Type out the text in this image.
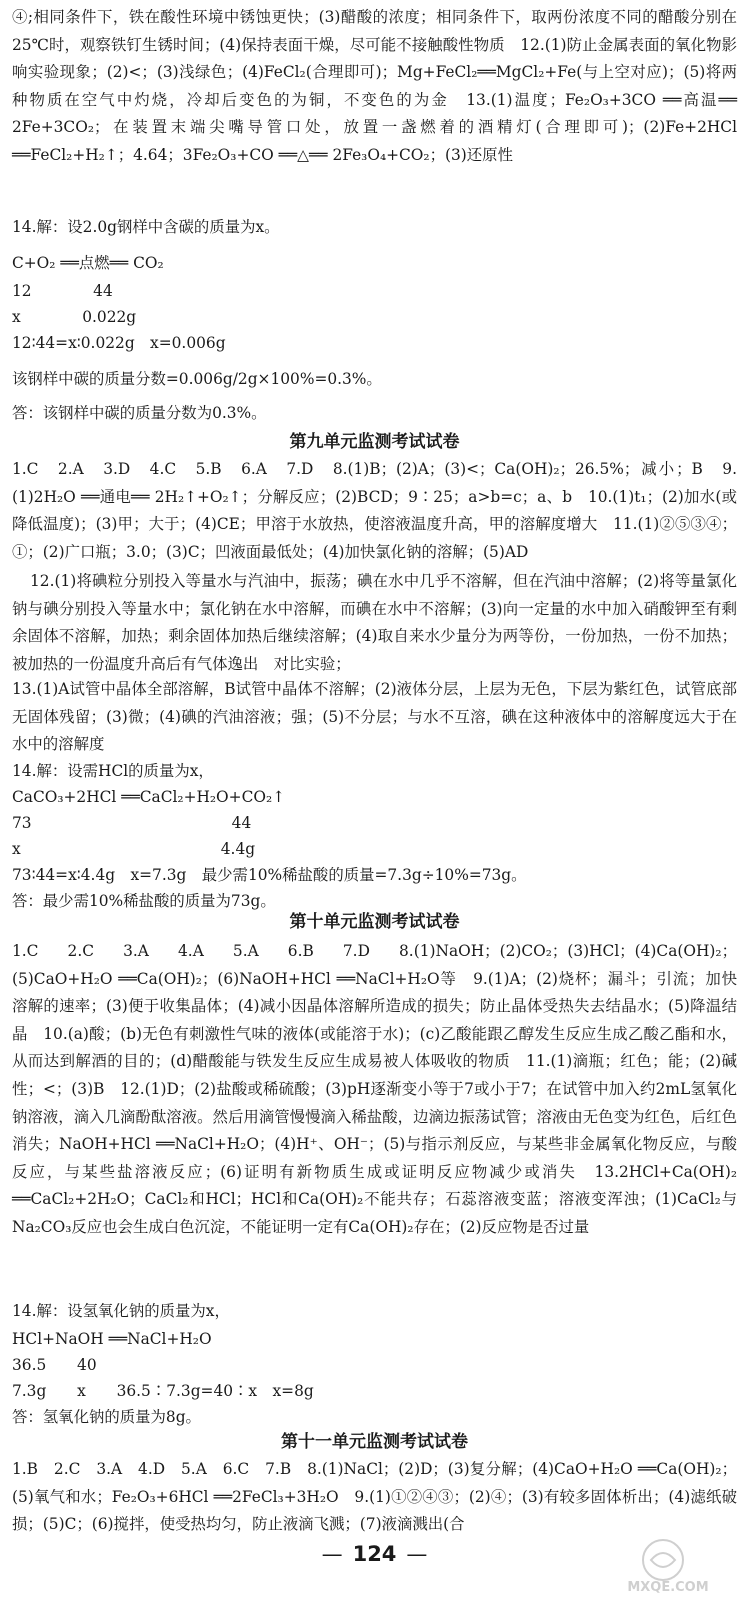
④;相同条件下，铁在酸性环境中锈蚀更快；(3)醋酸的浓度；相同条件下，取两份浓度不同的醋酸分别在25℃时，观察铁钉生锈时间；(4)保持表面干燥，尽可能不接触酸性物质　12.(1)防止金属表面的氧化物影响实验现象；(2)<；(3)浅绿色；(4)FeCl₂(合理即可)；Mg+FeCl₂══MgCl₂+Fe(与上空对应)；(5)将两种物质在空气中灼烧，冷却后变色的为铜，不变色的为金　13.(1)温度；Fe₂O₃+3CO ══高温══ 2Fe+3CO₂；在装置末端尖嘴导管口处，放置一盏燃着的酒精灯(合理即可)；(2)Fe+2HCl ══FeCl₂+H₂↑；4.64；3Fe₂O₃+CO ══△══ 2Fe₃O₄+CO₂；(3)还原性

14.解：设2.0g钢样中含碳的质量为x。

C+O₂ ══点燃══ CO₂

12　　　　44

x　　　　0.022g

12∶44=x∶0.022g　x=0.006g

该钢样中碳的质量分数=0.006g/2g×100%=0.3%。

答：该钢样中碳的质量分数为0.3%。

第九单元监测考试试卷

1.C　2.A　3.D　4.C　5.B　6.A　7.D　8.(1)B；(2)A；(3)<；Ca(OH)₂；26.5%；减小；B　9.(1)2H₂O ══通电══ 2H₂↑+O₂↑；分解反应；(2)BCD；9∶25；a>b=c；a、b　10.(1)t₁；(2)加水(或降低温度)；(3)甲；大于；(4)CE；甲溶于水放热，使溶液温度升高，甲的溶解度增大　11.(1)②⑤③④；①；(2)广口瓶；3.0；(3)C；凹液面最低处；(4)加快氯化钠的溶解；(5)AD

12.(1)将碘粒分别投入等量水与汽油中，振荡；碘在水中几乎不溶解，但在汽油中溶解；(2)将等量氯化钠与碘分别投入等量水中；氯化钠在水中溶解，而碘在水中不溶解；(3)向一定量的水中加入硝酸钾至有剩余固体不溶解，加热；剩余固体加热后继续溶解；(4)取自来水少量分为两等份，一份加热，一份不加热；被加热的一份温度升高后有气体逸出　对比实验；

13.(1)A试管中晶体全部溶解，B试管中晶体不溶解；(2)液体分层，上层为无色，下层为紫红色，试管底部无固体残留；(3)微；(4)碘的汽油溶液；强；(5)不分层；与水不互溶，碘在这种液体中的溶解度远大于在水中的溶解度

14.解：设需HCl的质量为x，

CaCO₃+2HCl ══CaCl₂+H₂O+CO₂↑

73　　　　　　　　　　　　　44

x　　　　　　　　　　　　　4.4g

73∶44=x∶4.4g　x=7.3g　最少需10%稀盐酸的质量=7.3g÷10%=73g。

答：最少需10%稀盐酸的质量为73g。

第十单元监测考试试卷

1.C　2.C　3.A　4.A　5.A　6.B　7.D　8.(1)NaOH；(2)CO₂；(3)HCl；(4)Ca(OH)₂；(5)CaO+H₂O ══Ca(OH)₂；(6)NaOH+HCl ══NaCl+H₂O等　9.(1)A；(2)烧杯；漏斗；引流；加快溶解的速率；(3)便于收集晶体；(4)减小因晶体溶解所造成的损失；防止晶体受热失去结晶水；(5)降温结晶　10.(a)酸；(b)无色有刺激性气味的液体(或能溶于水)；(c)乙酸能跟乙醇发生反应生成乙酸乙酯和水，从而达到解酒的目的；(d)醋酸能与铁发生反应生成易被人体吸收的物质　11.(1)滴瓶；红色；能；(2)碱性；<；(3)B　12.(1)D；(2)盐酸或稀硫酸；(3)pH逐渐变小等于7或小于7；在试管中加入约2mL氢氧化钠溶液，滴入几滴酚酞溶液。然后用滴管慢慢滴入稀盐酸，边滴边振荡试管；溶液由无色变为红色，后红色消失；NaOH+HCl ══NaCl+H₂O；(4)H⁺、OH⁻；(5)与指示剂反应，与某些非金属氧化物反应，与酸反应，与某些盐溶液反应；(6)证明有新物质生成或证明反应物减少或消失　13.2HCl+Ca(OH)₂ ══CaCl₂+2H₂O；CaCl₂和HCl；HCl和Ca(OH)₂不能共存；石蕊溶液变蓝；溶液变浑浊；(1)CaCl₂与Na₂CO₃反应也会生成白色沉淀，不能证明一定有Ca(OH)₂存在；(2)反应物是否过量

14.解：设氢氧化钠的质量为x，

HCl+NaOH ══NaCl+H₂O

36.5　　40

7.3g　　x　　36.5∶7.3g=40∶x　x=8g

答：氢氧化钠的质量为8g。

第十一单元监测考试试卷

1.B　2.C　3.A　4.D　5.A　6.C　7.B　8.(1)NaCl；(2)D；(3)复分解；(4)CaO+H₂O ══Ca(OH)₂；(5)氧气和水；Fe₂O₃+6HCl ══2FeCl₃+3H₂O　9.(1)①②④③；(2)④；(3)有较多固体析出；(4)滤纸破损；(5)C；(6)搅拌，使受热均匀，防止液滴飞溅；(7)液滴溅出(合

— 124 —
MXQE.COM
